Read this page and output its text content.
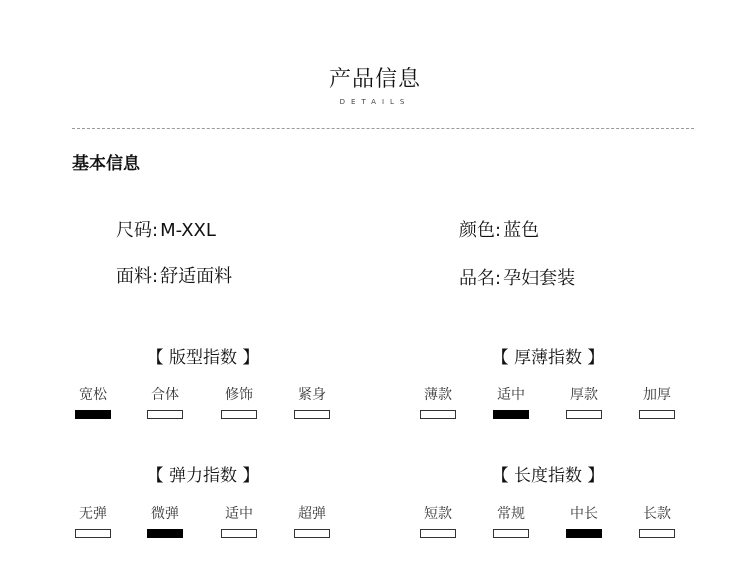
产品信息
DETAILS
基本信息
尺码: M-XXL	颜色: 蓝色
面料: 舒适面料	品名: 孕妇套装
【 版型指数 】
宽松	合体	修饰	紧身
【 厚薄指数 】
薄款	适中	厚款	加厚
【 弹力指数 】
无弹	微弹	适中	超弹
【 长度指数 】
短款	常规	中长	长款
